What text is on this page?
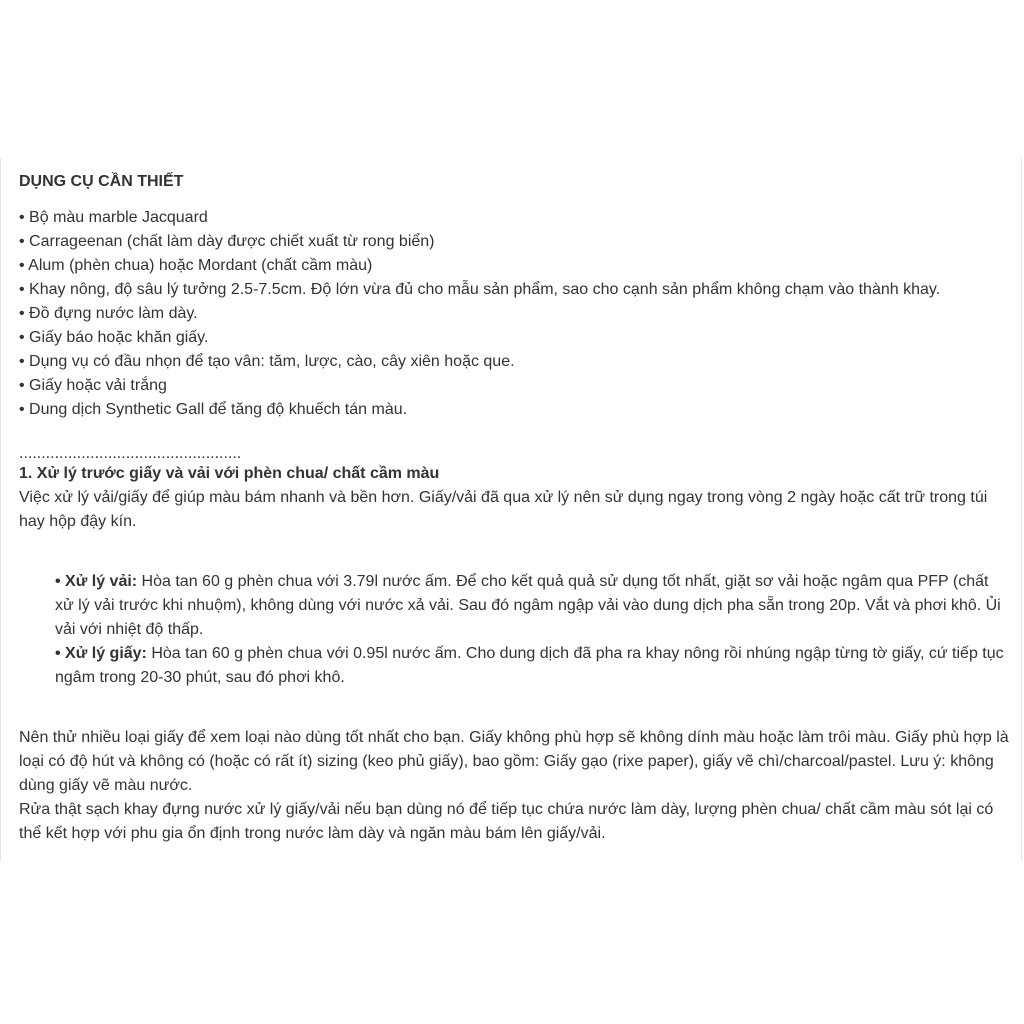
DỤNG CỤ CẦN THIẾT

• Bộ màu marble Jacquard

• Carrageenan (chất làm dày được chiết xuất từ rong biển)

• Alum (phèn chua) hoặc Mordant (chất cầm màu)

• Khay nông, độ sâu lý tưởng 2.5-7.5cm. Độ lớn vừa đủ cho mẫu sản phẩm, sao cho cạnh sản phẩm không chạm vào thành khay.

• Đồ đựng nước làm dày.

• Giấy báo hoặc khăn giấy.

• Dụng vụ có đầu nhọn để tạo vân: tăm, lược, cào, cây xiên hoặc que.

• Giấy hoặc vải trắng

• Dung dịch Synthetic Gall để tăng độ khuếch tán màu.

..................................................

1. Xử lý trước giấy và vải với phèn chua/ chất cầm màu

Việc xử lý vải/giấy để giúp màu bám nhanh và bền hơn. Giấy/vải đã qua xử lý nên sử dụng ngay trong vòng 2 ngày hoặc cất trữ trong túi hay hộp đậy kín.

• Xử lý vải: Hòa tan 60 g phèn chua với 3.79l nước ấm. Để cho kết quả quả sử dụng tốt nhất, giặt sơ vải hoặc ngâm qua PFP (chất xử lý vải trước khi nhuộm), không dùng với nước xả vải. Sau đó ngâm ngập vải vào dung dịch pha sẵn trong 20p. Vắt và phơi khô. Ủi vải với nhiệt độ thấp.

• Xử lý giấy: Hòa tan 60 g phèn chua với 0.95l nước ấm. Cho dung dịch đã pha ra khay nông rồi nhúng ngập từng tờ giấy, cứ tiếp tục ngâm trong 20-30 phút, sau đó phơi khô.

Nên thử nhiều loại giấy để xem loại nào dùng tốt nhất cho bạn. Giấy không phù hợp sẽ không dính màu hoặc làm trôi màu. Giấy phù hợp là loại có độ hút và không có (hoặc có rất ít) sizing (keo phủ giấy), bao gồm: Giấy gạo (rixe paper), giấy vẽ chì/charcoal/pastel. Lưu ý: không dùng giấy vẽ màu nước.

Rửa thật sạch khay đựng nước xử lý giấy/vải nếu bạn dùng nó để tiếp tục chứa nước làm dày, lượng phèn chua/ chất cầm màu sót lại có thể kết hợp với phu gia ổn định trong nước làm dày và ngăn màu bám lên giấy/vải.
